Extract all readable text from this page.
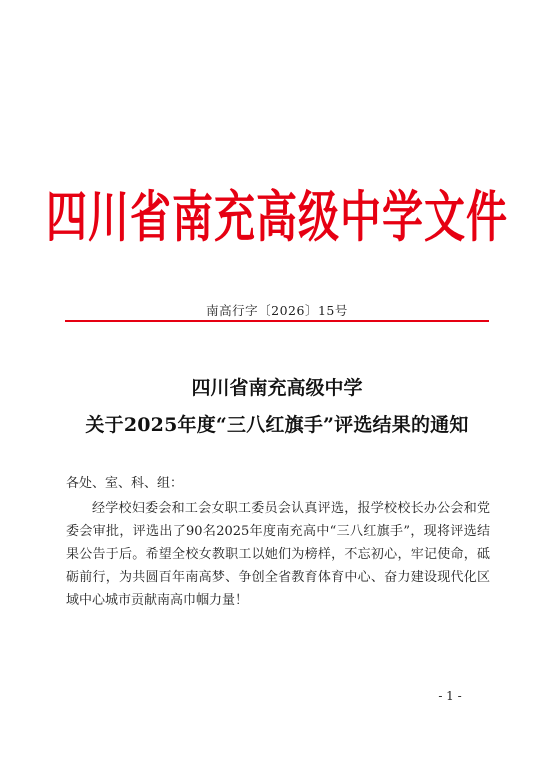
四川省南充高级中学文件
南高行字〔2026〕15号
四川省南充高级中学
关于2025年度“三八红旗手”评选结果的通知
各处、室、科、组：

经学校妇委会和工会女职工委员会认真评选，报学校校长办公会和党委会审批，评选出了90名2025年度南充高中“三八红旗手”，现将评选结果公告于后。希望全校女教职工以她们为榜样，不忘初心，牢记使命，砥砺前行，为共圆百年南高梦、争创全省教育体育中心、奋力建设现代化区域中心城市贡献南高巾帼力量！

- 1 -
